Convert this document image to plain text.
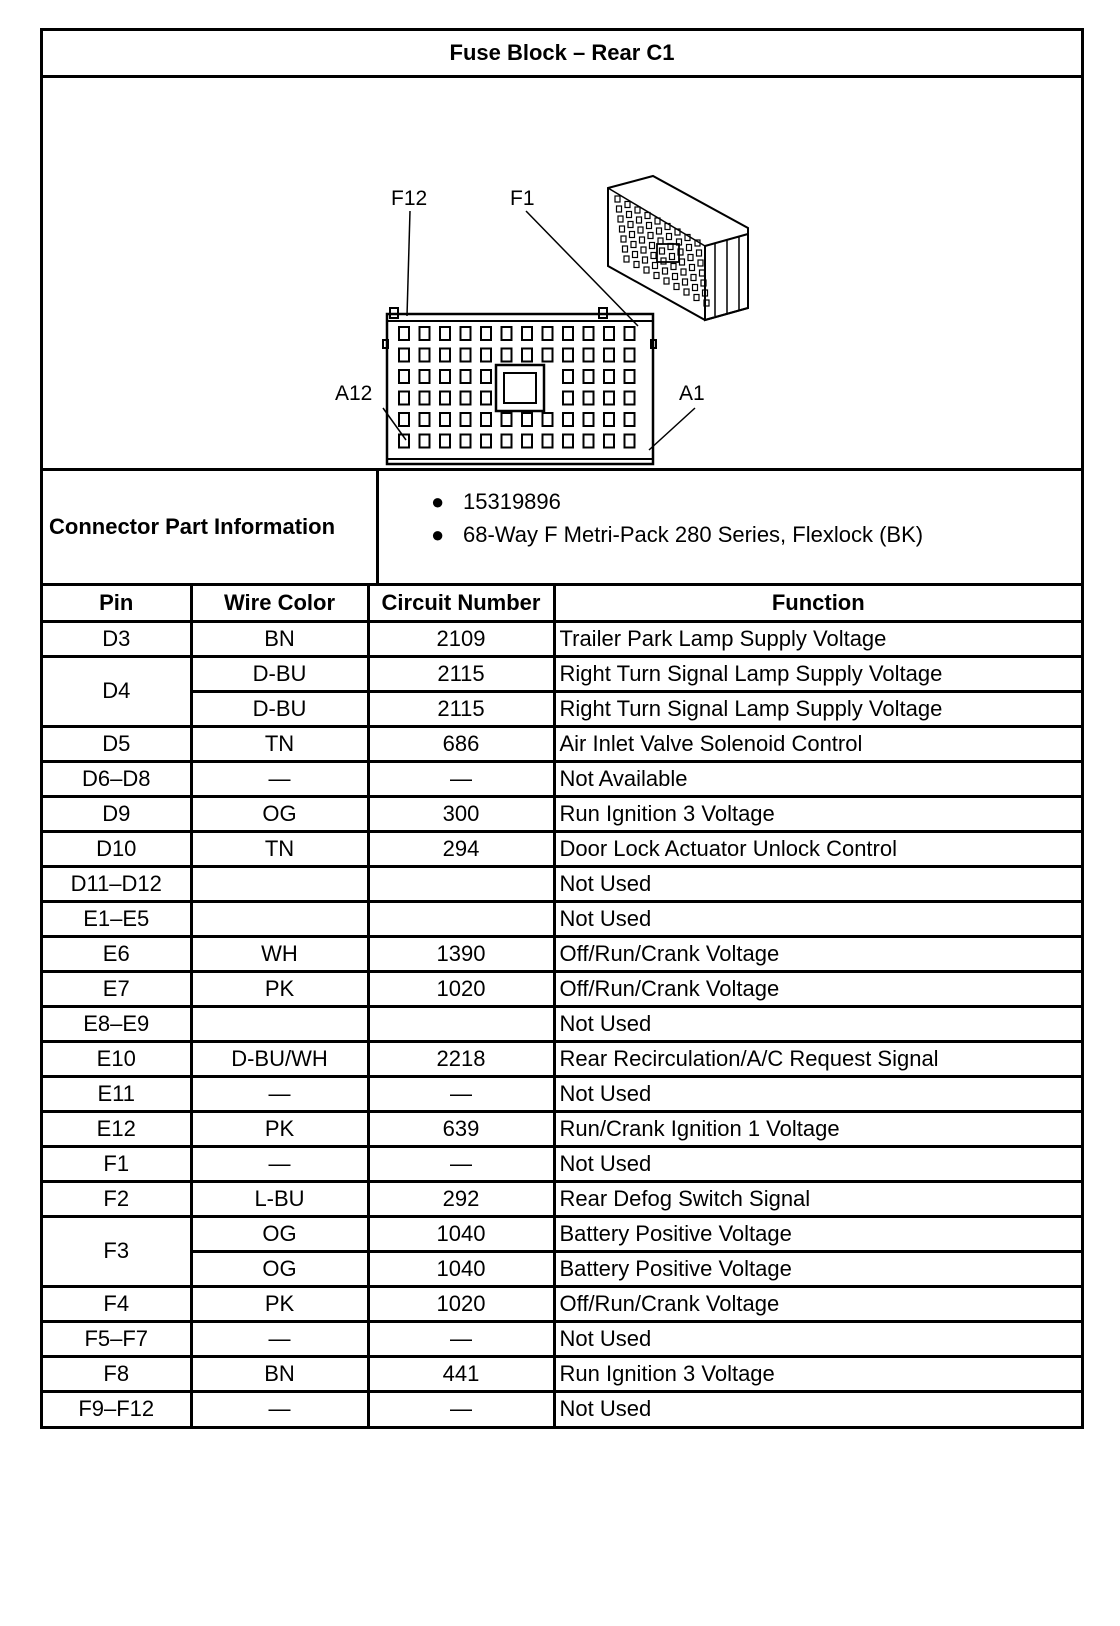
Fuse Block – Rear C1
F12	F1
A12	A1
Connector Part Information
● 15319896
● 68-Way F Metri-Pack 280 Series, Flexlock (BK)
Pin	Wire Color	Circuit Number	Function
D3	BN	2109	Trailer Park Lamp Supply Voltage
D4	D-BU	2115	Right Turn Signal Lamp Supply Voltage
	D-BU	2115	Right Turn Signal Lamp Supply Voltage
D5	TN	686	Air Inlet Valve Solenoid Control
D6–D8	—	—	Not Available
D9	OG	300	Run Ignition 3 Voltage
D10	TN	294	Door Lock Actuator Unlock Control
D11–D12			Not Used
E1–E5			Not Used
E6	WH	1390	Off/Run/Crank Voltage
E7	PK	1020	Off/Run/Crank Voltage
E8–E9			Not Used
E10	D-BU/WH	2218	Rear Recirculation/A/C Request Signal
E11	—	—	Not Used
E12	PK	639	Run/Crank Ignition 1 Voltage
F1	—	—	Not Used
F2	L-BU	292	Rear Defog Switch Signal
F3	OG	1040	Battery Positive Voltage
	OG	1040	Battery Positive Voltage
F4	PK	1020	Off/Run/Crank Voltage
F5–F7	—	—	Not Used
F8	BN	441	Run Ignition 3 Voltage
F9–F12	—	—	Not Used
